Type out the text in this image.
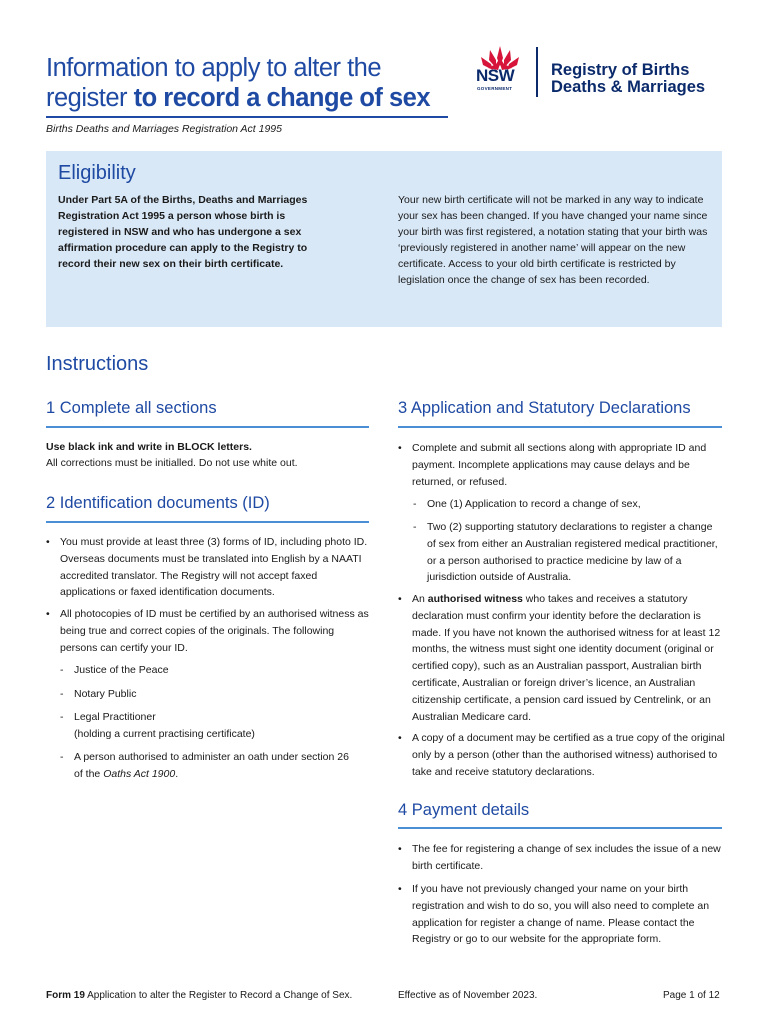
Information to apply to alter the
register to record a change of sex
Births Deaths and Marriages Registration Act 1995
NSW
GOVERNMENT
Registry of Births
Deaths & Marriages
Eligibility
Under Part 5A of the Births, Deaths and Marriages Registration Act 1995 a person whose birth is registered in NSW and who has undergone a sex affirmation procedure can apply to the Registry to record their new sex on their birth certificate.
Your new birth certificate will not be marked in any way to indicate your sex has been changed. If you have changed your name since your birth was first registered, a notation stating that your birth was ‘previously registered in another name’ will appear on the new certificate. Access to your old birth certificate is restricted by legislation once the change of sex has been recorded.
Instructions
1 Complete all sections
Use black ink and write in BLOCK letters.
All corrections must be initialled. Do not use white out.
2 Identification documents (ID)
• You must provide at least three (3) forms of ID, including photo ID. Overseas documents must be translated into English by a NAATI accredited translator. The Registry will not accept faxed applications or faxed identification documents.
• All photocopies of ID must be certified by an authorised witness as being true and correct copies of the originals. The following persons can certify your ID.
- Justice of the Peace
- Notary Public
- Legal Practitioner
(holding a current practising certificate)
- A person authorised to administer an oath under section 26 of the Oaths Act 1900.
3 Application and Statutory Declarations
• Complete and submit all sections along with appropriate ID and payment. Incomplete applications may cause delays and be returned, or refused.
- One (1) Application to record a change of sex,
- Two (2) supporting statutory declarations to register a change of sex from either an Australian registered medical practitioner, or a person authorised to practice medicine by law of a jurisdiction outside of Australia.
• An authorised witness who takes and receives a statutory declaration must confirm your identity before the declaration is made. If you have not known the authorised witness for at least 12 months, the witness must sight one identity document (original or certified copy), such as an Australian passport, Australian birth certificate, Australian or foreign driver’s licence, an Australian citizenship certificate, a pension card issued by Centrelink, or an Australian Medicare card.
• A copy of a document may be certified as a true copy of the original only by a person (other than the authorised witness) authorised to take and receive statutory declarations.
4 Payment details
• The fee for registering a change of sex includes the issue of a new birth certificate.
• If you have not previously changed your name on your birth registration and wish to do so, you will also need to complete an application for register a change of name. Please contact the Registry or go to our website for the appropriate form.
Form 19 Application to alter the Register to Record a Change of Sex.	Effective as of November 2023.	Page 1 of 12
